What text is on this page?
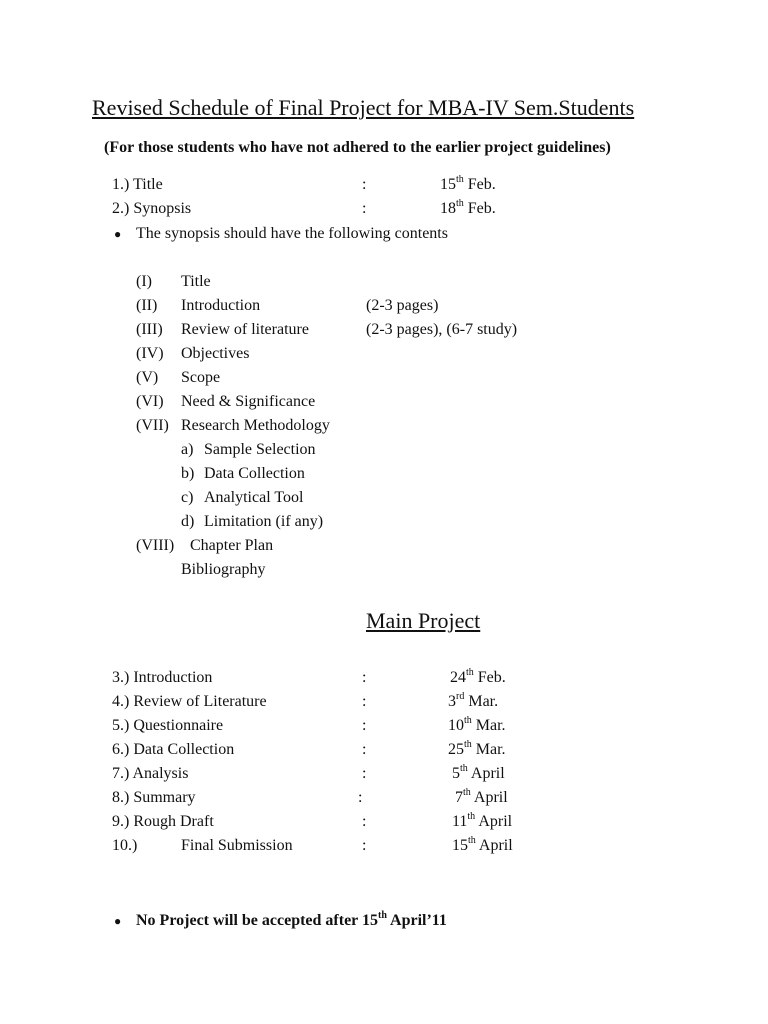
Revised Schedule of Final Project for MBA-IV Sem.Students
(For those students who have not adhered to the earlier project guidelines)
1.) Title	:	15th Feb.
2.) Synopsis	:	18th Feb.
● The synopsis should have the following contents
(I) Title
(II) Introduction	(2-3 pages)
(III) Review of literature	(2-3 pages), (6-7 study)
(IV) Objectives
(V) Scope
(VI) Need & Significance
(VII) Research Methodology
a) Sample Selection
b) Data Collection
c) Analytical Tool
d) Limitation (if any)
(VIII) Chapter Plan
Bibliography
Main Project
3.) Introduction	:	24th Feb.
4.) Review of Literature	:	3rd Mar.
5.) Questionnaire	:	10th Mar.
6.) Data Collection	:	25th Mar.
7.) Analysis	:	5th April
8.) Summary	:	7th April
9.) Rough Draft	:	11th April
10.)	Final Submission	:	15th April
● No Project will be accepted after 15th April’11
